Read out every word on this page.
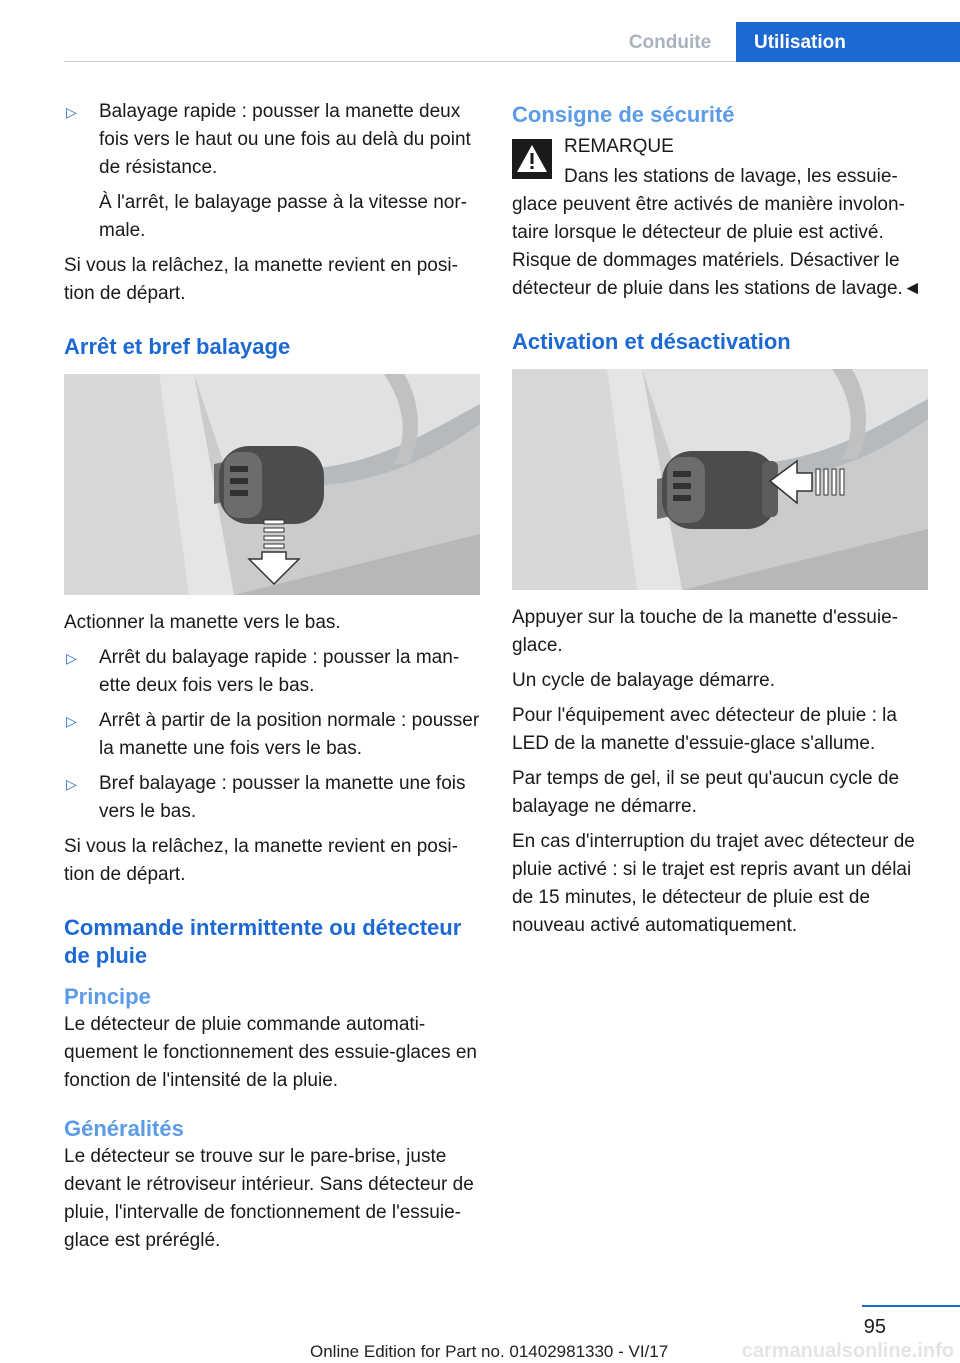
Conduite	Utilisation
▷ Balayage rapide : pousser la manette deux fois vers le haut ou une fois au delà du point de résistance.

À l'arrêt, le balayage passe à la vitesse normale.

Si vous la relâchez, la manette revient en position de départ.

Arrêt et bref balayage

Actionner la manette vers le bas.

▷ Arrêt du balayage rapide : pousser la manette deux fois vers le bas.
▷ Arrêt à partir de la position normale : pousser la manette une fois vers le bas.
▷ Bref balayage : pousser la manette une fois vers le bas.

Si vous la relâchez, la manette revient en position de départ.

Commande intermittente ou détecteur de pluie
Principe

Le détecteur de pluie commande automatiquement le fonctionnement des essuie-glaces en fonction de l'intensité de la pluie.

Généralités

Le détecteur se trouve sur le pare-brise, juste devant le rétroviseur intérieur. Sans détecteur de pluie, l'intervalle de fonctionnement de l'essuie-glace est préréglé.

Consigne de sécurité

REMARQUE

Dans les stations de lavage, les essuie-glace peuvent être activés de manière involontaire lorsque le détecteur de pluie est activé. Risque de dommages matériels. Désactiver le détecteur de pluie dans les stations de lavage.◄

Activation et désactivation

Appuyer sur la touche de la manette d'essuie-glace.

Un cycle de balayage démarre.

Pour l'équipement avec détecteur de pluie : la LED de la manette d'essuie-glace s'allume.

Par temps de gel, il se peut qu'aucun cycle de balayage ne démarre.

En cas d'interruption du trajet avec détecteur de pluie activé : si le trajet est repris avant un délai de 15 minutes, le détecteur de pluie est de nouveau activé automatiquement.

95
carmanualsonline.info
Online Edition for Part no. 01402981330 - VI/17
